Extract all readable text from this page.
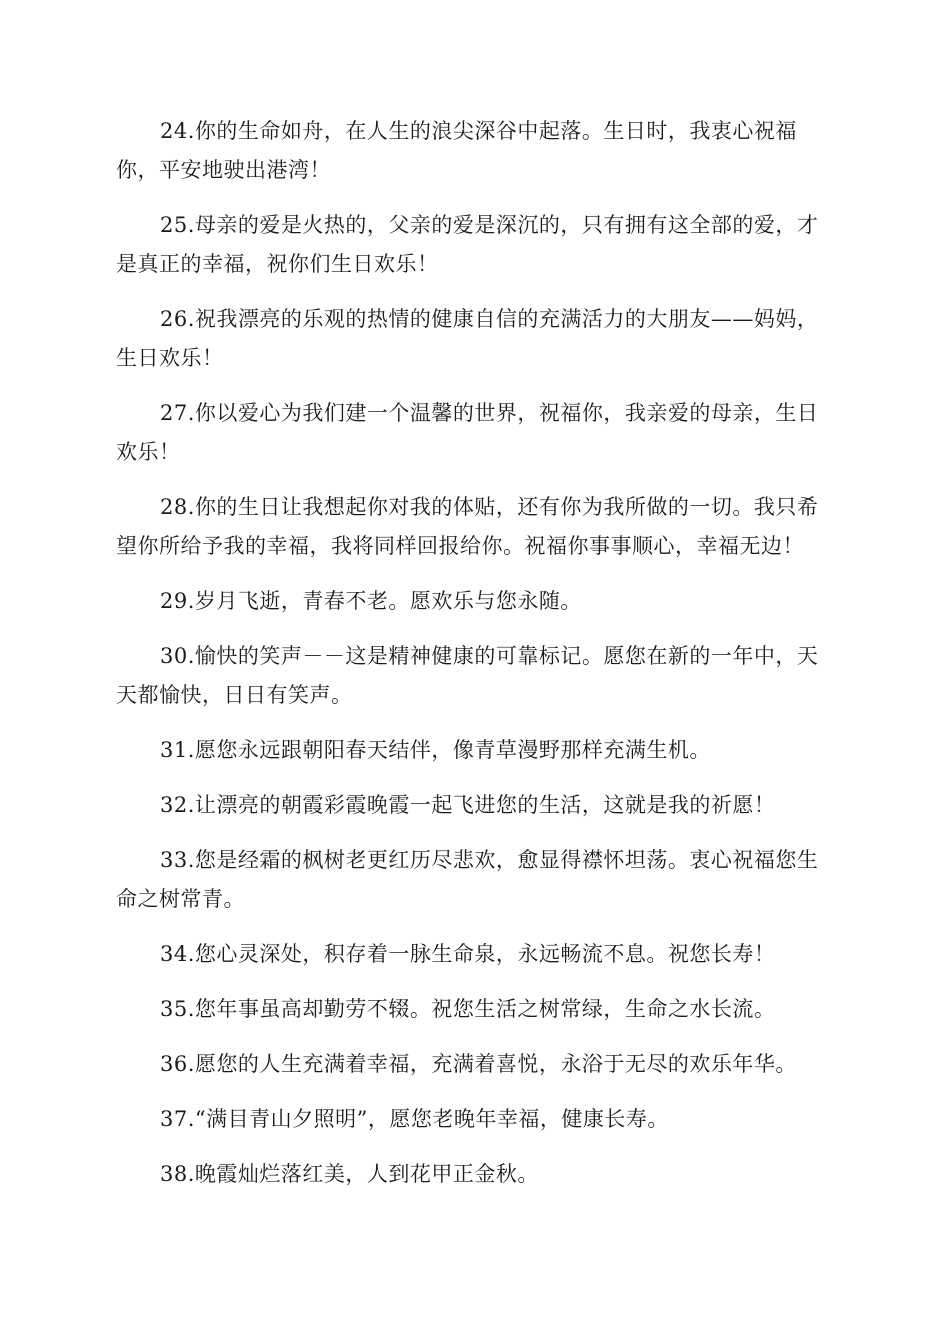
24.你的生命如舟，在人生的浪尖深谷中起落。生日时，我衷心祝福你，平安地驶出港湾！

25.母亲的爱是火热的，父亲的爱是深沉的，只有拥有这全部的爱，才是真正的幸福，祝你们生日欢乐！

26.祝我漂亮的乐观的热情的健康自信的充满活力的大朋友——妈妈，生日欢乐！

27.你以爱心为我们建一个温馨的世界，祝福你，我亲爱的母亲，生日欢乐！

28.你的生日让我想起你对我的体贴，还有你为我所做的一切。我只希望你所给予我的幸福，我将同样回报给你。祝福你事事顺心，幸福无边！

29.岁月飞逝，青春不老。愿欢乐与您永随。

30.愉快的笑声－－这是精神健康的可靠标记。愿您在新的一年中，天天都愉快，日日有笑声。

31.愿您永远跟朝阳春天结伴，像青草漫野那样充满生机。

32.让漂亮的朝霞彩霞晚霞一起飞进您的生活，这就是我的祈愿！

33.您是经霜的枫树老更红历尽悲欢，愈显得襟怀坦荡。衷心祝福您生命之树常青。

34.您心灵深处，积存着一脉生命泉，永远畅流不息。祝您长寿！

35.您年事虽高却勤劳不辍。祝您生活之树常绿，生命之水长流。

36.愿您的人生充满着幸福，充满着喜悦，永浴于无尽的欢乐年华。

37.“满目青山夕照明”，愿您老晚年幸福，健康长寿。

38.晚霞灿烂落红美，人到花甲正金秋。
